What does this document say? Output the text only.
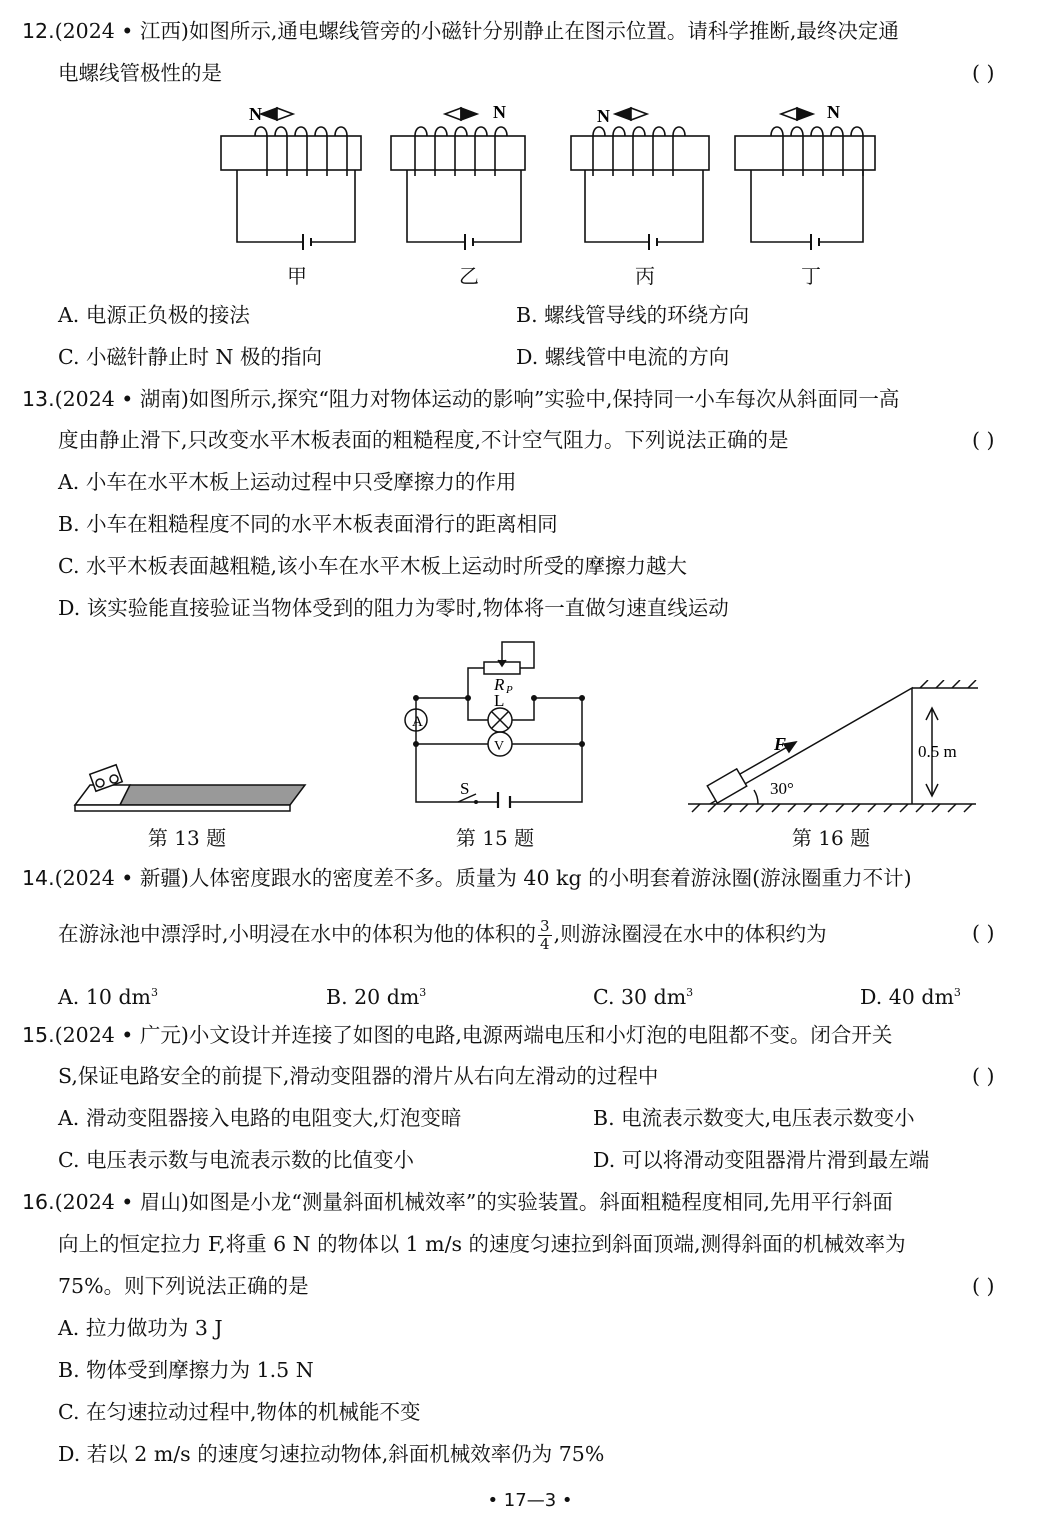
12.(2024 • 江西)如图所示,通电螺线管旁的小磁针分别静止在图示位置。请科学推断,最终决定通
电螺线管极性的是	( )
N	N	N	N
甲	乙	丙	丁
A. 电源正负极的接法	B. 螺线管导线的环绕方向
C. 小磁针静止时 N 极的指向	D. 螺线管中电流的方向
13.(2024 • 湖南)如图所示,探究“阻力对物体运动的影响”实验中,保持同一小车每次从斜面同一高
度由静止滑下,只改变水平木板表面的粗糙程度,不计空气阻力。下列说法正确的是	( )
A. 小车在水平木板上运动过程中只受摩擦力的作用
B. 小车在粗糙程度不同的水平木板表面滑行的距离相同
C. 水平木板表面越粗糙,该小车在水平木板上运动时所受的摩擦力越大
D. 该实验能直接验证当物体受到的阻力为零时,物体将一直做匀速直线运动
第 13 题
A
V
R P
L
S
第 15 题
F
30°
0.5 m
第 16 题
14.(2024 • 新疆)人体密度跟水的密度差不多。质量为 40 kg 的小明套着游泳圈(游泳圈重力不计)
在游泳池中漂浮时,小明浸在水中的体积为他的体积的 $\frac{3}{4}$ ,则游泳圈浸在水中的体积约为	( )
A. 10 $dm^3$	B. 20 $dm^3$	C. 30 $dm^3$	D. 40 $dm^3$
15.(2024 • 广元)小文设计并连接了如图的电路,电源两端电压和小灯泡的电阻都不变。闭合开关
S,保证电路安全的前提下,滑动变阻器的滑片从右向左滑动的过程中	( )
A. 滑动变阻器接入电路的电阻变大,灯泡变暗	B. 电流表示数变大,电压表示数变小
C. 电压表示数与电流表示数的比值变小	D. 可以将滑动变阻器滑片滑到最左端
16.(2024 • 眉山)如图是小龙“测量斜面机械效率”的实验装置。斜面粗糙程度相同,先用平行斜面
向上的恒定拉力 F,将重 6 N 的物体以 1 m/s 的速度匀速拉到斜面顶端,测得斜面的机械效率为
75%。则下列说法正确的是	( )
A. 拉力做功为 3 J
B. 物体受到摩擦力为 1.5 N
C. 在匀速拉动过程中,物体的机械能不变
D. 若以 2 m/s 的速度匀速拉动物体,斜面机械效率仍为 75%
• 17—3 •
